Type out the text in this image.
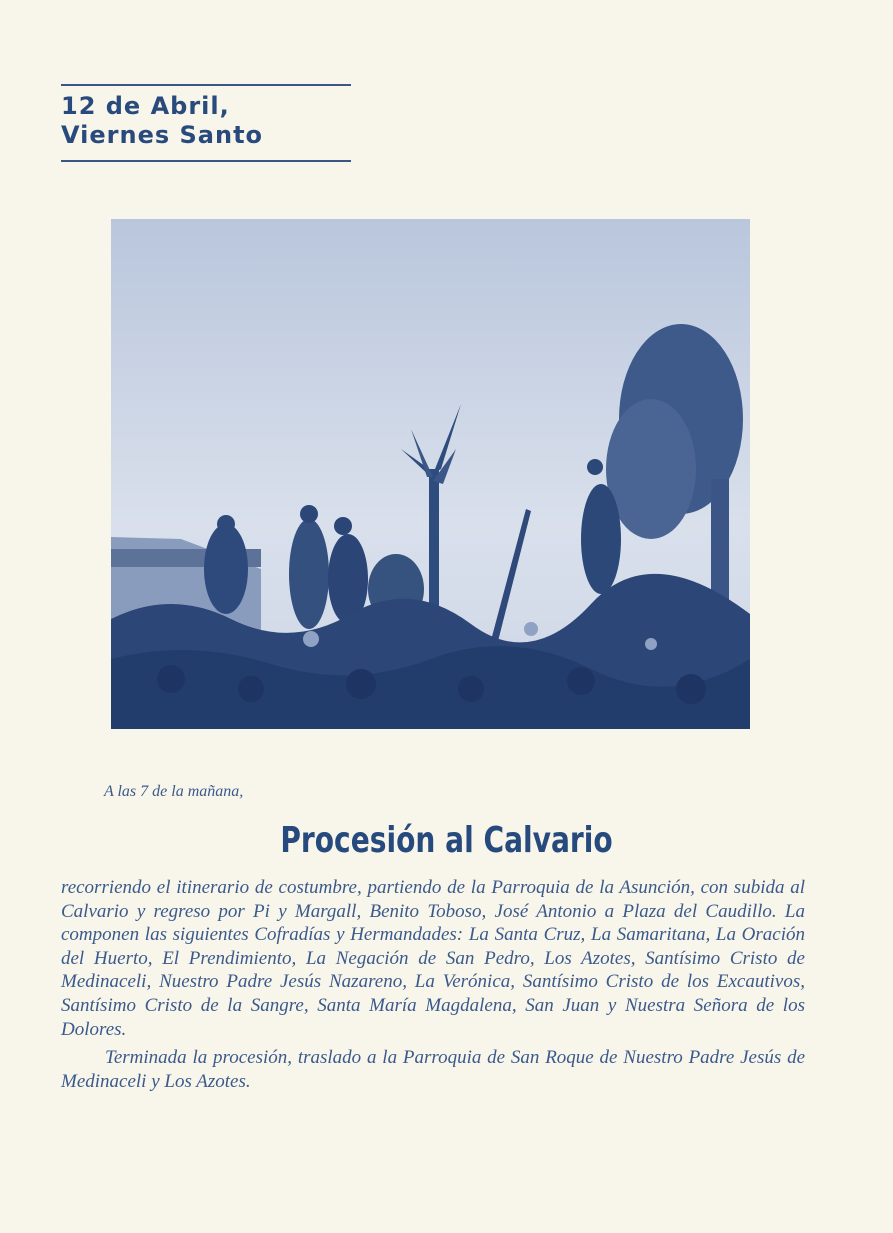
12 de Abril,
Viernes Santo
A las 7 de la mañana,
Procesión al Calvario

recorriendo el itinerario de costumbre, partiendo de la Parroquia de la Asunción, con subida al Calvario y regreso por Pi y Margall, Benito Toboso, José Antonio a Plaza del Caudillo. La componen las siguientes Cofradías y Hermandades: La Santa Cruz, La Samaritana, La Oración del Huerto, El Prendimiento, La Negación de San Pedro, Los Azotes, Santísimo Cristo de Medinaceli, Nuestro Padre Jesús Nazareno, La Verónica, Santísimo Cristo de los Excautivos, Santísimo Cristo de la Sangre, Santa María Magdalena, San Juan y Nuestra Señora de los Dolores.

Terminada la procesión, traslado a la Parroquia de San Roque de Nuestro Padre Jesús de Medinaceli y Los Azotes.
